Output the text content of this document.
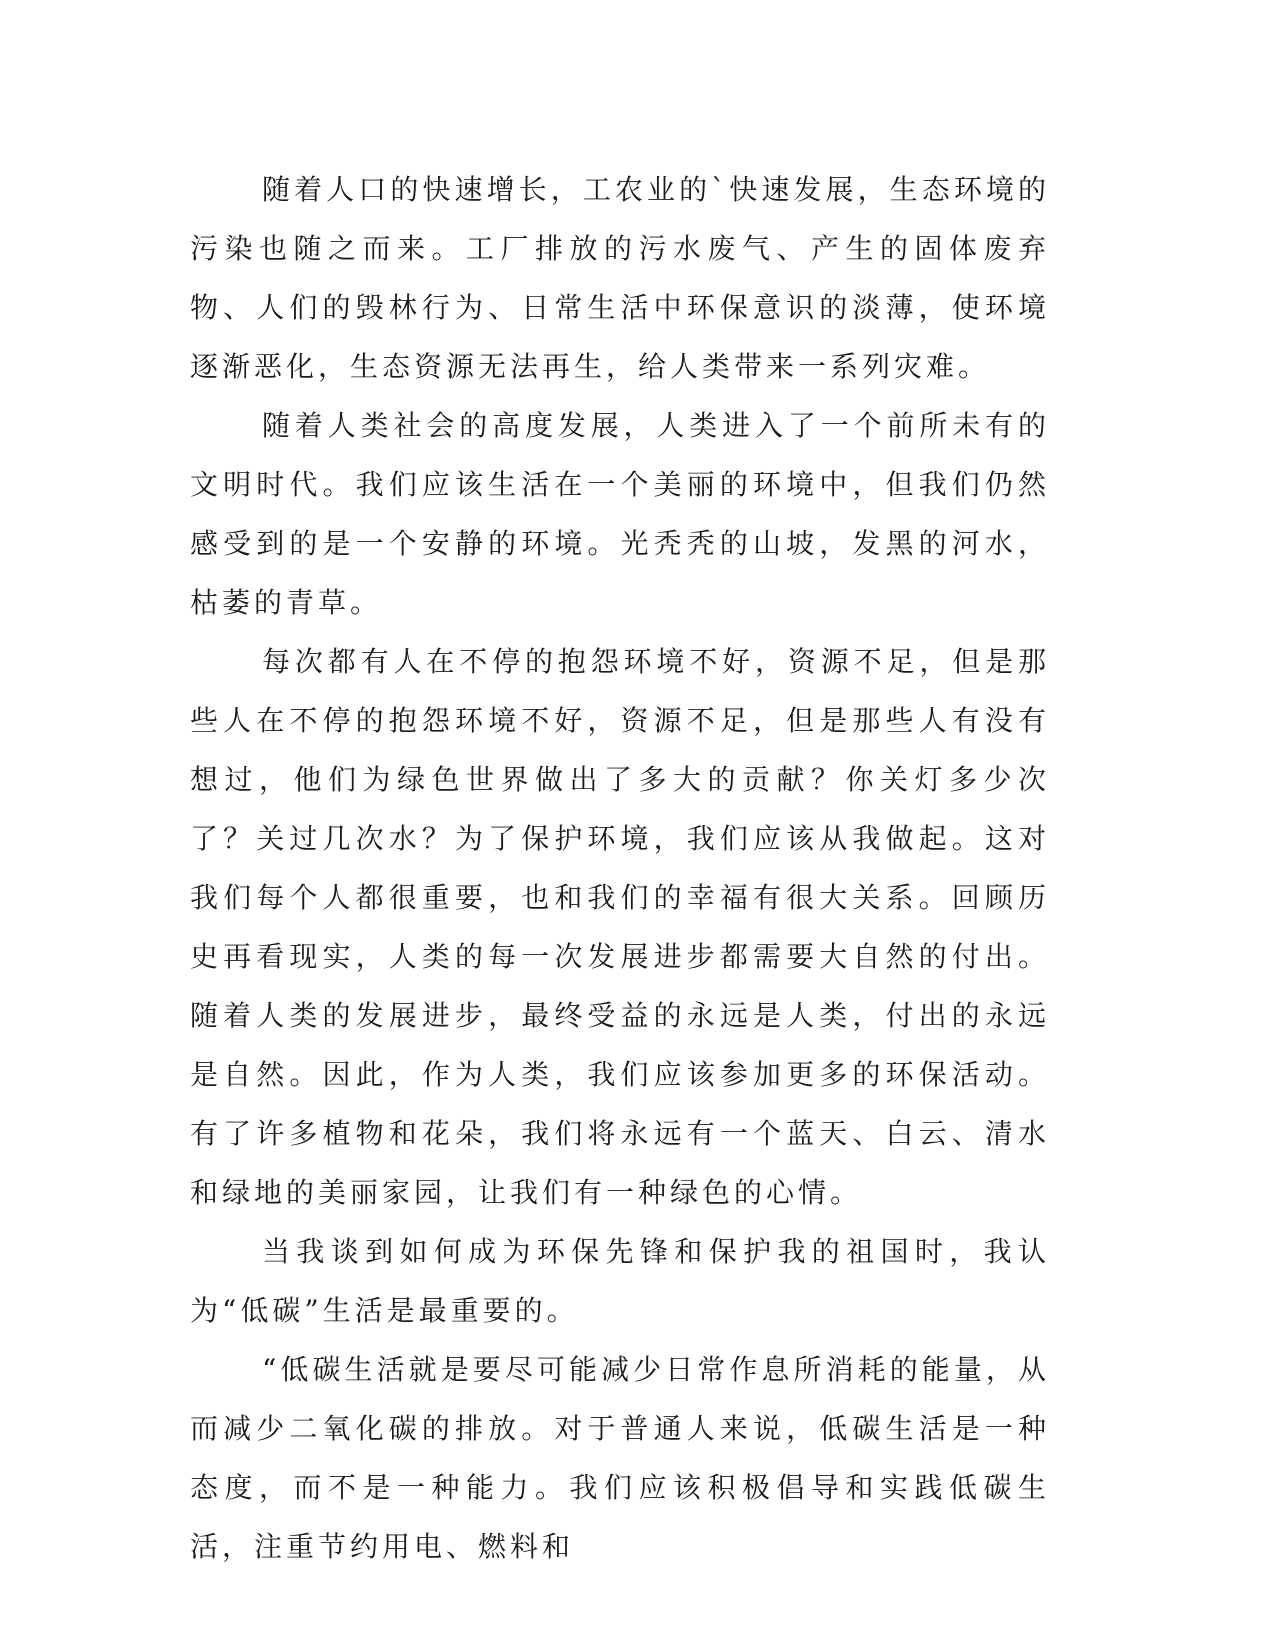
随着人口的快速增长，工农业的`快速发展，生态环境的污染也随之而来。工厂排放的污水废气、产生的固体废弃物、人们的毁林行为、日常生活中环保意识的淡薄，使环境逐渐恶化，生态资源无法再生，给人类带来一系列灾难。

随着人类社会的高度发展，人类进入了一个前所未有的文明时代。我们应该生活在一个美丽的环境中，但我们仍然感受到的是一个安静的环境。光秃秃的山坡，发黑的河水，枯萎的青草。

每次都有人在不停的抱怨环境不好，资源不足，但是那些人在不停的抱怨环境不好，资源不足，但是那些人有没有想过，他们为绿色世界做出了多大的贡献？你关灯多少次了？关过几次水？为了保护环境，我们应该从我做起。这对我们每个人都很重要，也和我们的幸福有很大关系。回顾历史再看现实，人类的每一次发展进步都需要大自然的付出。随着人类的发展进步，最终受益的永远是人类，付出的永远是自然。因此，作为人类，我们应该参加更多的环保活动。有了许多植物和花朵，我们将永远有一个蓝天、白云、清水和绿地的美丽家园，让我们有一种绿色的心情。

当我谈到如何成为环保先锋和保护我的祖国时，我认为“低碳”生活是最重要的。

“低碳生活就是要尽可能减少日常作息所消耗的能量，从而减少二氧化碳的排放。对于普通人来说，低碳生活是一种态度，而不是一种能力。我们应该积极倡导和实践低碳生活，注重节约用电、燃料和
